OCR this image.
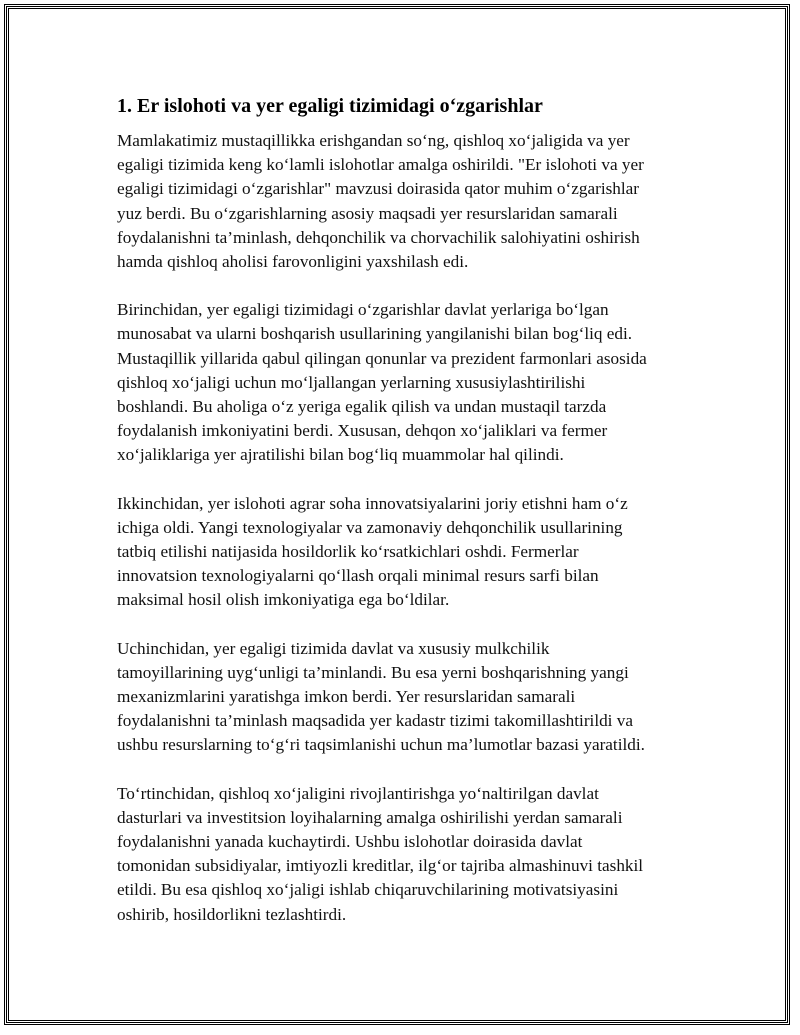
1. Er islohoti va yer egaligi tizimidagi o‘zgarishlar

Mamlakatimiz mustaqillikka erishgandan so‘ng, qishloq xo‘jaligida va yer
egaligi tizimida keng ko‘lamli islohotlar amalga oshirildi. "Er islohoti va yer
egaligi tizimidagi o‘zgarishlar" mavzusi doirasida qator muhim o‘zgarishlar
yuz berdi. Bu o‘zgarishlarning asosiy maqsadi yer resurslaridan samarali
foydalanishni ta’minlash, dehqonchilik va chorvachilik salohiyatini oshirish
hamda qishloq aholisi farovonligini yaxshilash edi.

Birinchidan, yer egaligi tizimidagi o‘zgarishlar davlat yerlariga bo‘lgan
munosabat va ularni boshqarish usullarining yangilanishi bilan bog‘liq edi.
Mustaqillik yillarida qabul qilingan qonunlar va prezident farmonlari asosida
qishloq xo‘jaligi uchun mo‘ljallangan yerlarning xususiylashtirilishi
boshlandi. Bu aholiga o‘z yeriga egalik qilish va undan mustaqil tarzda
foydalanish imkoniyatini berdi. Xususan, dehqon xo‘jaliklari va fermer
xo‘jaliklariga yer ajratilishi bilan bog‘liq muammolar hal qilindi.

Ikkinchidan, yer islohoti agrar soha innovatsiyalarini joriy etishni ham o‘z
ichiga oldi. Yangi texnologiyalar va zamonaviy dehqonchilik usullarining
tatbiq etilishi natijasida hosildorlik ko‘rsatkichlari oshdi. Fermerlar
innovatsion texnologiyalarni qo‘llash orqali minimal resurs sarfi bilan
maksimal hosil olish imkoniyatiga ega bo‘ldilar.

Uchinchidan, yer egaligi tizimida davlat va xususiy mulkchilik
tamoyillarining uyg‘unligi ta’minlandi. Bu esa yerni boshqarishning yangi
mexanizmlarini yaratishga imkon berdi. Yer resurslaridan samarali
foydalanishni ta’minlash maqsadida yer kadastr tizimi takomillashtirildi va
ushbu resurslarning to‘g‘ri taqsimlanishi uchun ma’lumotlar bazasi yaratildi.

To‘rtinchidan, qishloq xo‘jaligini rivojlantirishga yo‘naltirilgan davlat
dasturlari va investitsion loyihalarning amalga oshirilishi yerdan samarali
foydalanishni yanada kuchaytirdi. Ushbu islohotlar doirasida davlat
tomonidan subsidiyalar, imtiyozli kreditlar, ilg‘or tajriba almashinuvi tashkil
etildi. Bu esa qishloq xo‘jaligi ishlab chiqaruvchilarining motivatsiyasini
oshirib, hosildorlikni tezlashtirdi.
